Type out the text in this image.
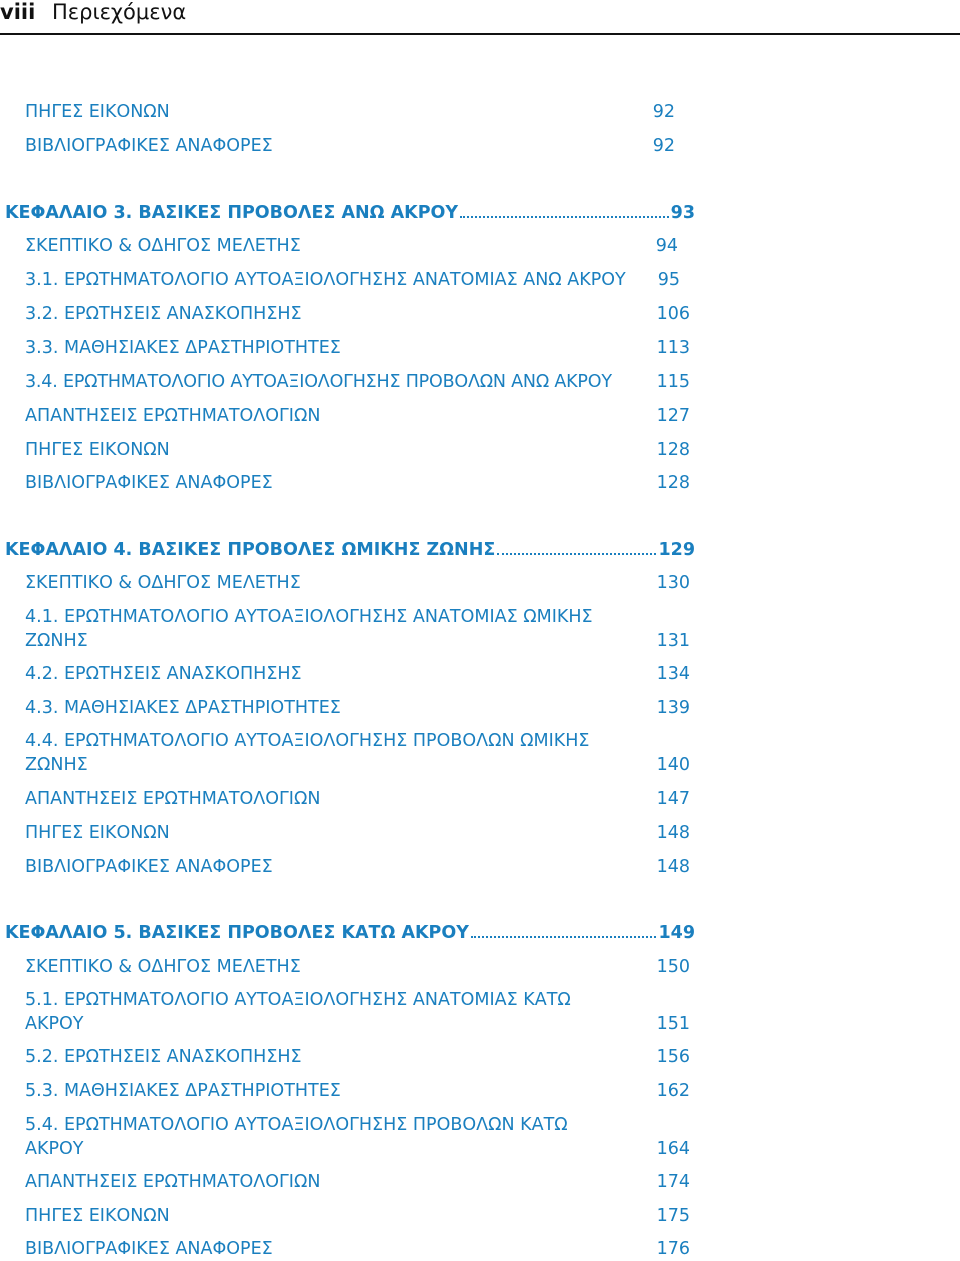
viii Περιεχόμενα
ΠΗΓΕΣ ΕΙΚΟΝΩΝ	92
ΒΙΒΛΙΟΓΡΑΦΙΚΕΣ ΑΝΑΦΟΡΕΣ	92
ΚΕΦΑΛΑΙΟ 3. ΒΑΣΙΚΕΣ ΠΡΟΒΟΛΕΣ ΑΝΩ ΑΚΡΟΥ	93
ΣΚΕΠΤΙΚΟ & ΟΔΗΓΟΣ ΜΕΛΕΤΗΣ	94
3.1. ΕΡΩΤΗΜΑΤΟΛΟΓΙΟ ΑΥΤΟΑΞΙΟΛΟΓΗΣΗΣ ΑΝΑΤΟΜΙΑΣ ΑΝΩ ΑΚΡΟΥ	95
3.2. ΕΡΩΤΗΣΕΙΣ ΑΝΑΣΚΟΠΗΣΗΣ	106
3.3. ΜΑΘΗΣΙΑΚΕΣ ΔΡΑΣΤΗΡΙΟΤΗΤΕΣ	113
3.4. ΕΡΩΤΗΜΑΤΟΛΟΓΙΟ ΑΥΤΟΑΞΙΟΛΟΓΗΣΗΣ ΠΡΟΒΟΛΩΝ ΑΝΩ ΑΚΡΟΥ	115
ΑΠΑΝΤΗΣΕΙΣ ΕΡΩΤΗΜΑΤΟΛΟΓΙΩΝ	127
ΠΗΓΕΣ ΕΙΚΟΝΩΝ	128
ΒΙΒΛΙΟΓΡΑΦΙΚΕΣ ΑΝΑΦΟΡΕΣ	128
ΚΕΦΑΛΑΙΟ 4. ΒΑΣΙΚΕΣ ΠΡΟΒΟΛΕΣ ΩΜΙΚΗΣ ΖΩΝΗΣ	129
ΣΚΕΠΤΙΚΟ & ΟΔΗΓΟΣ ΜΕΛΕΤΗΣ	130
4.1. ΕΡΩΤΗΜΑΤΟΛΟΓΙΟ ΑΥΤΟΑΞΙΟΛΟΓΗΣΗΣ ΑΝΑΤΟΜΙΑΣ ΩΜΙΚΗΣ ΖΩΝΗΣ	131
4.2. ΕΡΩΤΗΣΕΙΣ ΑΝΑΣΚΟΠΗΣΗΣ	134
4.3. ΜΑΘΗΣΙΑΚΕΣ ΔΡΑΣΤΗΡΙΟΤΗΤΕΣ	139
4.4. ΕΡΩΤΗΜΑΤΟΛΟΓΙΟ ΑΥΤΟΑΞΙΟΛΟΓΗΣΗΣ ΠΡΟΒΟΛΩΝ ΩΜΙΚΗΣ ΖΩΝΗΣ	140
ΑΠΑΝΤΗΣΕΙΣ ΕΡΩΤΗΜΑΤΟΛΟΓΙΩΝ	147
ΠΗΓΕΣ ΕΙΚΟΝΩΝ	148
ΒΙΒΛΙΟΓΡΑΦΙΚΕΣ ΑΝΑΦΟΡΕΣ	148
ΚΕΦΑΛΑΙΟ 5. ΒΑΣΙΚΕΣ ΠΡΟΒΟΛΕΣ ΚΑΤΩ ΑΚΡΟΥ	149
ΣΚΕΠΤΙΚΟ & ΟΔΗΓΟΣ ΜΕΛΕΤΗΣ	150
5.1. ΕΡΩΤΗΜΑΤΟΛΟΓΙΟ ΑΥΤΟΑΞΙΟΛΟΓΗΣΗΣ ΑΝΑΤΟΜΙΑΣ ΚΑΤΩ ΑΚΡΟΥ	151
5.2. ΕΡΩΤΗΣΕΙΣ ΑΝΑΣΚΟΠΗΣΗΣ	156
5.3. ΜΑΘΗΣΙΑΚΕΣ ΔΡΑΣΤΗΡΙΟΤΗΤΕΣ	162
5.4. ΕΡΩΤΗΜΑΤΟΛΟΓΙΟ ΑΥΤΟΑΞΙΟΛΟΓΗΣΗΣ ΠΡΟΒΟΛΩΝ ΚΑΤΩ ΑΚΡΟΥ	164
ΑΠΑΝΤΗΣΕΙΣ ΕΡΩΤΗΜΑΤΟΛΟΓΙΩΝ	174
ΠΗΓΕΣ ΕΙΚΟΝΩΝ	175
ΒΙΒΛΙΟΓΡΑΦΙΚΕΣ ΑΝΑΦΟΡΕΣ	176
